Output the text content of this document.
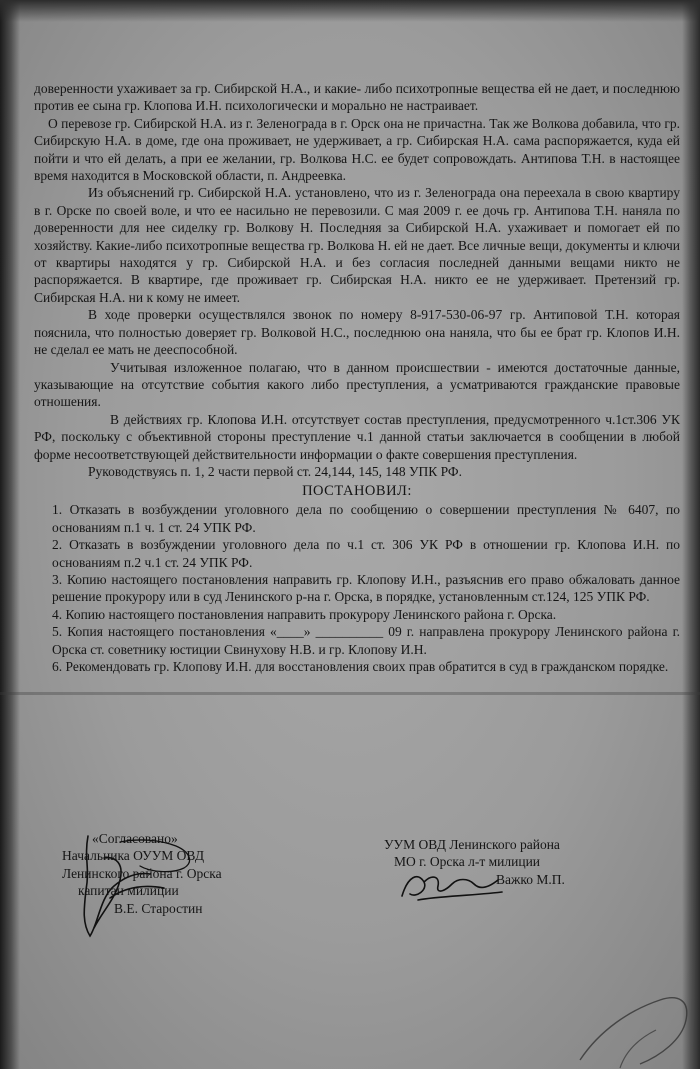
доверенности ухаживает за гр. Сибирской Н.А., и какие- либо психотропные вещества ей не дает, и последнюю против ее сына гр. Клопова И.Н. психологически и морально не настраивает.

О перевозе гр. Сибирской Н.А. из г. Зеленограда в г. Орск она не причастна. Так же Волкова добавила, что гр. Сибирскую Н.А. в доме, где она проживает, не удерживает, а гр. Сибирская Н.А. сама распоряжается, куда ей пойти и что ей делать, а при ее желании, гр. Волкова Н.С. ее будет сопровождать. Антипова Т.Н. в настоящее время находится в Московской области, п. Андреевка.

Из объяснений гр. Сибирской Н.А. установлено, что из г. Зеленограда она переехала в свою квартиру в г. Орске по своей воле, и что ее насильно не перевозили. С мая 2009 г. ее дочь гр. Антипова Т.Н. наняла по доверенности для нее сиделку гр. Волкову Н. Последняя за Сибирской Н.А. ухаживает и помогает ей по хозяйству. Какие-либо психотропные вещества гр. Волкова Н. ей не дает. Все личные вещи, документы и ключи от квартиры находятся у гр. Сибирской Н.А. и без согласия последней данными вещами никто не распоряжается. В квартире, где проживает гр. Сибирская Н.А. никто ее не удерживает. Претензий гр. Сибирская Н.А. ни к кому не имеет.

В ходе проверки осуществлялся звонок по номеру 8-917-530-06-97 гр. Антиповой Т.Н. которая пояснила, что полностью доверяет гр. Волковой Н.С., последнюю она наняла, что бы ее брат гр. Клопов И.Н. не сделал ее мать не дееспособной.

Учитывая изложенное полагаю, что в данном происшествии - имеются достаточные данные, указывающие на отсутствие события какого либо преступления, а усматриваются гражданские правовые отношения.

В действиях гр. Клопова И.Н. отсутствует состав преступления, предусмотренного ч.1ст.306 УК РФ, поскольку с объективной стороны преступление ч.1 данной статьи заключается в сообщении в любой форме несоответствующей действительности информации о факте совершения преступления.

Руководствуясь п. 1, 2 части первой ст. 24,144, 145, 148 УПК РФ.

ПОСТАНОВИЛ:

1. Отказать в возбуждении уголовного дела по сообщению о совершении преступления № 6407, по основаниям п.1 ч. 1 ст. 24 УПК РФ.

2. Отказать в возбуждении уголовного дела по ч.1 ст. 306 УК РФ в отношении гр. Клопова И.Н. по основаниям п.2 ч.1 ст. 24 УПК РФ.

3. Копию настоящего постановления направить гр. Клопову И.Н., разъяснив его право обжаловать данное решение прокурору или в суд Ленинского р-на г. Орска, в порядке, установленным ст.124, 125 УПК РФ.

4. Копию настоящего постановления направить прокурору Ленинского района г. Орска.

5. Копия настоящего постановления «____» __________ 09 г. направлена прокурору Ленинского района г. Орска ст. советнику юстиции Свинухову Н.В. и гр. Клопову И.Н.

6. Рекомендовать гр. Клопову И.Н. для восстановления своих прав обратится в суд в гражданском порядке.

«Согласовано»

Начальника ОУУМ ОВД

Ленинского района г. Орска

капитан милиции

В.Е. Старостин

УУМ ОВД Ленинского района

МО г. Орска л-т милиции

Важко М.П.
